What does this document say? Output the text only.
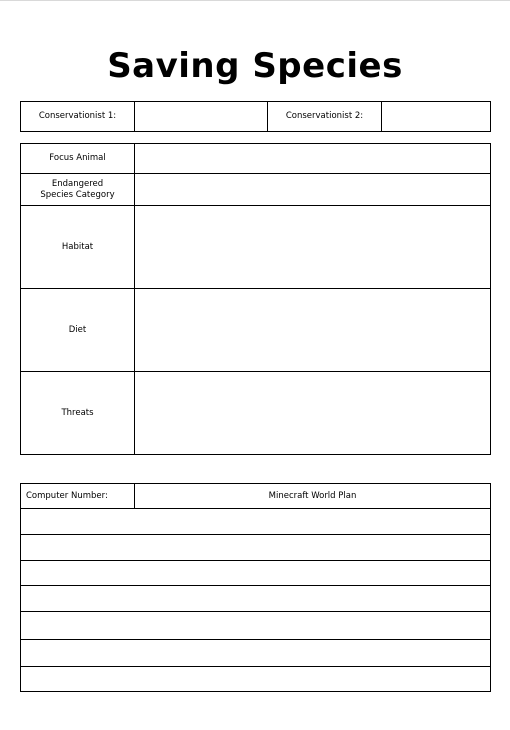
Saving Species
Conservationist 1:		Conservationist 2:	
Focus Animal	
Endangered Species Category	
Habitat	
Diet	
Threats	
Computer Number:	Minecraft World Plan
